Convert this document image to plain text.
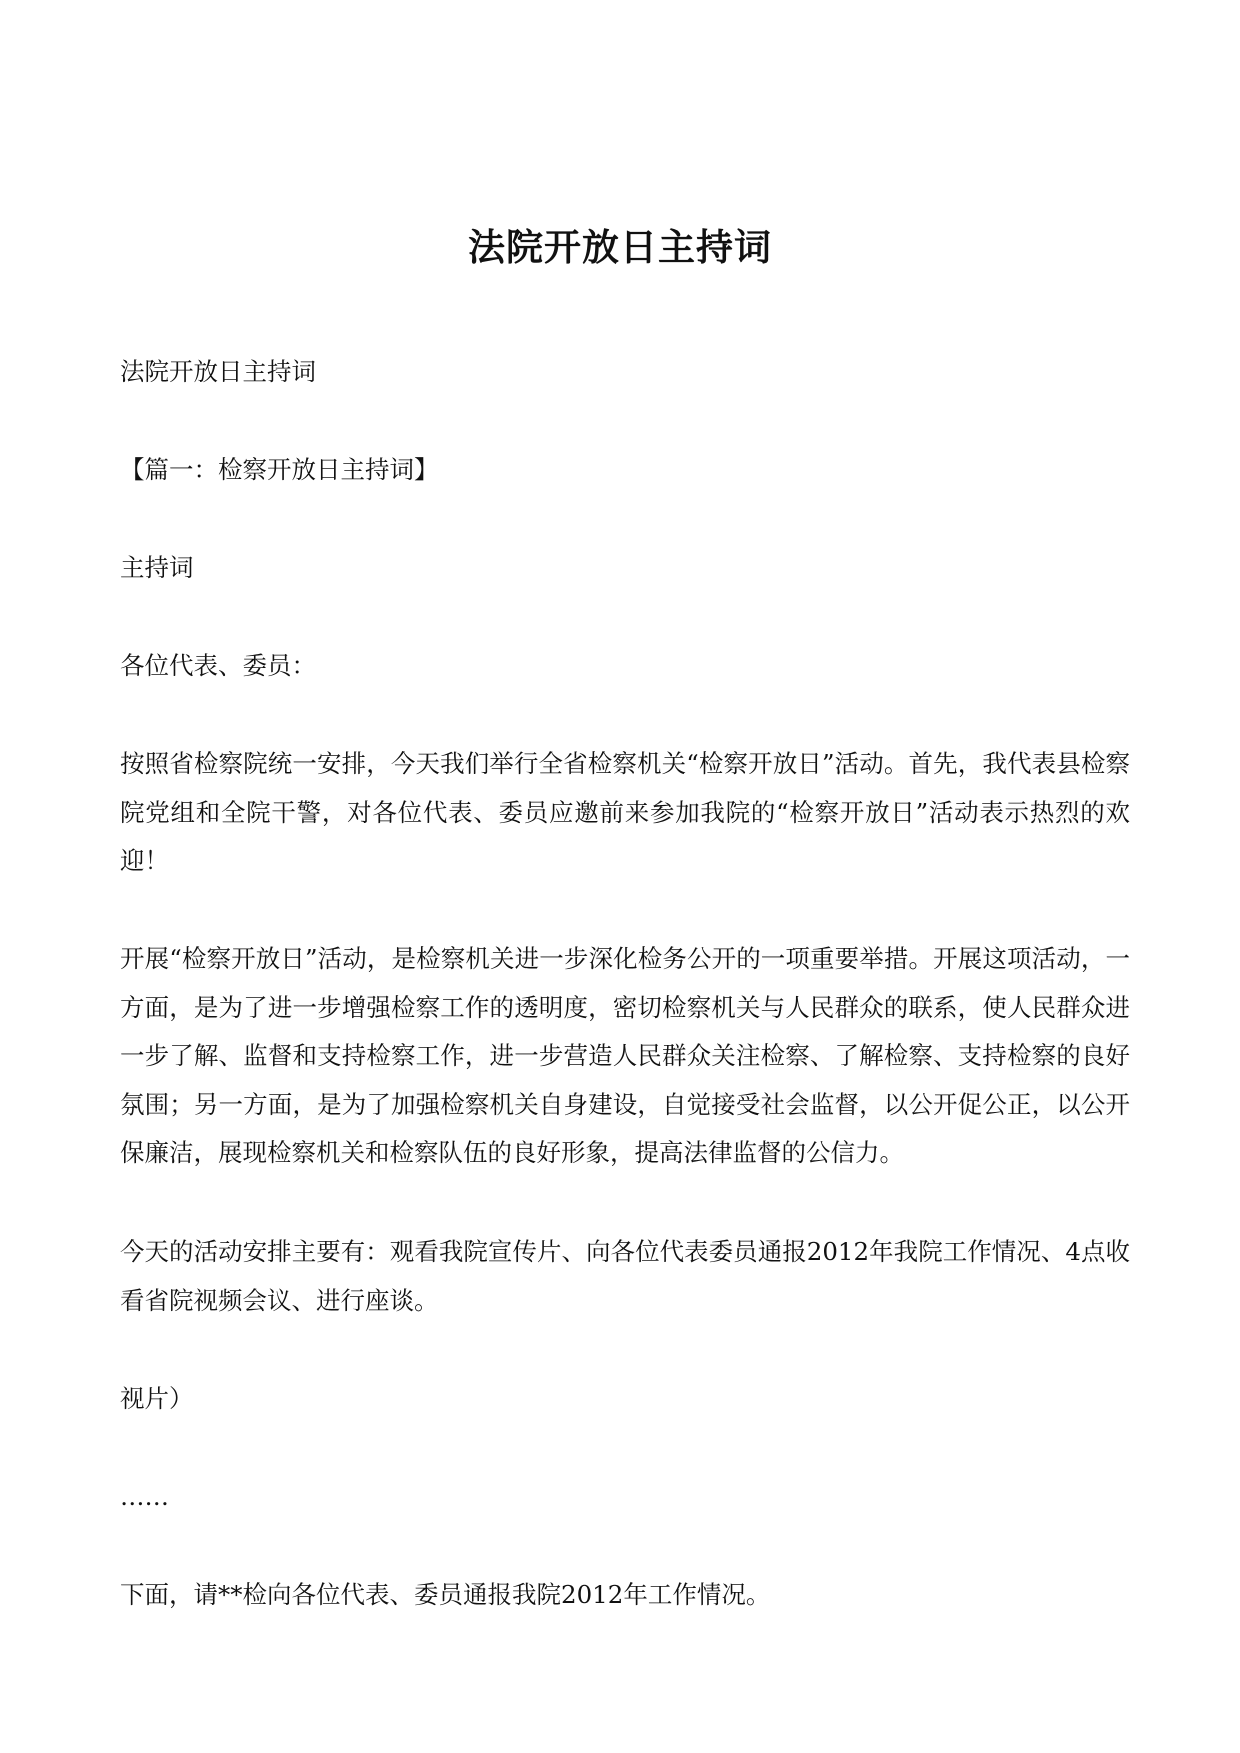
法院开放日主持词

法院开放日主持词

【篇一：检察开放日主持词】

主持词

各位代表、委员：

按照省检察院统一安排，今天我们举行全省检察机关“检察开放日”活动。首先，我代表县检察院党组和全院干警，对各位代表、委员应邀前来参加我院的“检察开放日”活动表示热烈的欢迎！

开展“检察开放日”活动，是检察机关进一步深化检务公开的一项重要举措。开展这项活动，一方面，是为了进一步增强检察工作的透明度，密切检察机关与人民群众的联系，使人民群众进一步了解、监督和支持检察工作，进一步营造人民群众关注检察、了解检察、支持检察的良好氛围；另一方面，是为了加强检察机关自身建设，自觉接受社会监督，以公开促公正，以公开保廉洁，展现检察机关和检察队伍的良好形象，提高法律监督的公信力。

今天的活动安排主要有：观看我院宣传片、向各位代表委员通报2012年我院工作情况、4点收看省院视频会议、进行座谈。

视片）

……

下面，请**检向各位代表、委员通报我院2012年工作情况。
